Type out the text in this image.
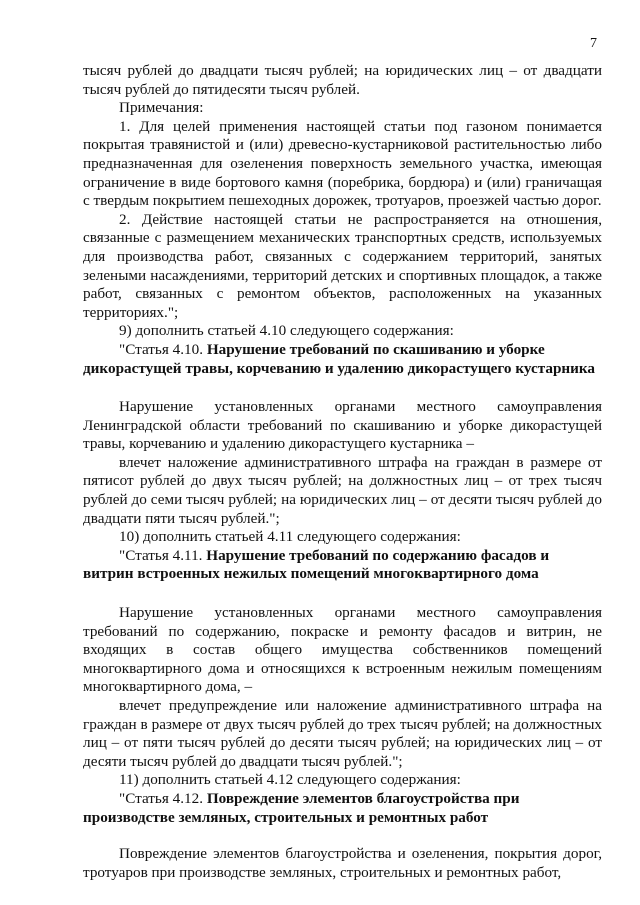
7

тысяч рублей до двадцати тысяч рублей; на юридических лиц – от двадцати тысяч рублей до пятидесяти тысяч рублей.

Примечания:

1. Для целей применения настоящей статьи под газоном понимается покрытая травянистой и (или) древесно-кустарниковой растительностью либо предназначенная для озеленения поверхность земельного участка, имеющая ограничение в виде бортового камня (поребрика, бордюра) и (или) граничащая с твердым покрытием пешеходных дорожек, тротуаров, проезжей частью дорог.

2. Действие настоящей статьи не распространяется на отношения, связанные с размещением механических транспортных средств, используемых для производства работ, связанных с содержанием территорий, занятых зелеными насаждениями, территорий детских и спортивных площадок, а также работ, связанных с ремонтом объектов, расположенных на указанных территориях.";

9) дополнить статьей 4.10 следующего содержания:

"Статья 4.10. Нарушение требований по скашиванию и уборке дикорастущей травы, корчеванию и удалению дикорастущего кустарника

Нарушение установленных органами местного самоуправления Ленинградской области требований по скашиванию и уборке дикорастущей травы, корчеванию и удалению дикорастущего кустарника –

влечет наложение административного штрафа на граждан в размере от пятисот рублей до двух тысяч рублей; на должностных лиц – от трех тысяч рублей до семи тысяч рублей; на юридических лиц – от десяти тысяч рублей до двадцати пяти тысяч рублей.";

10) дополнить статьей 4.11 следующего содержания:

"Статья 4.11. Нарушение требований по содержанию фасадов и витрин встроенных нежилых помещений многоквартирного дома

Нарушение установленных органами местного самоуправления требований по содержанию, покраске и ремонту фасадов и витрин, не входящих в состав общего имущества собственников помещений многоквартирного дома и относящихся к встроенным нежилым помещениям многоквартирного дома, –

влечет предупреждение или наложение административного штрафа на граждан в размере от двух тысяч рублей до трех тысяч рублей; на должностных лиц – от пяти тысяч рублей до десяти тысяч рублей; на юридических лиц – от десяти тысяч рублей до двадцати тысяч рублей.";

11) дополнить статьей 4.12 следующего содержания:

"Статья 4.12. Повреждение элементов благоустройства при производстве земляных, строительных и ремонтных работ

Повреждение элементов благоустройства и озеленения, покрытия дорог, тротуаров при производстве земляных, строительных и ремонтных работ,
